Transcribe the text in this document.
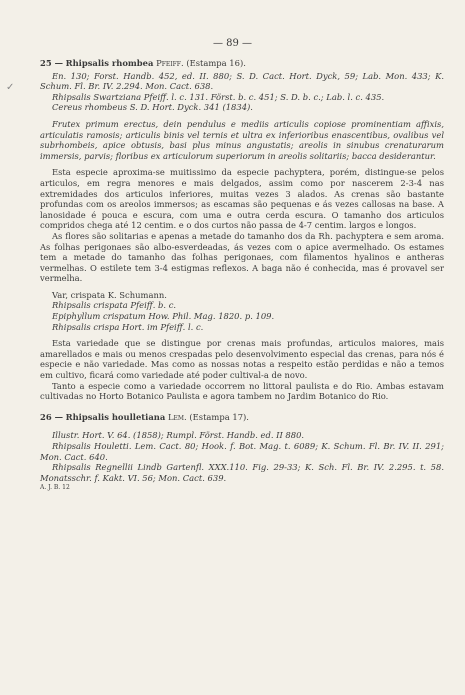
✓
— 89 —

25 — Rhipsalis rhombea Pfeiff. (Estampa 16).

En. 130; Forst. Handb. 452, ed. II. 880; S. D. Cact. Hort. Dyck, 59; Lab. Mon. 433; K. Schum. Fl. Br. IV. 2.294. Mon. Cact. 638.

Rhipsalis Swartziana Pfeiff. l. c. 131. Först. b. c. 451; S. D. b. c.; Lab. l. c. 435.

Cereus rhombeus S. D. Hort. Dyck. 341 (1834).

Frutex primum erectus, dein pendulus e mediis articulis copiose prominentiam affixis, articulatis ramosis; articulis binis vel ternis et ultra ex inferioribus enascentibus, ovalibus vel subrhombeis, apice obtusis, basi plus minus angustatis; areolis in sinubus crenaturarum immersis, parvis; floribus ex articulorum superiorum in areolis solitariis; bacca desiderantur.

Esta especie aproxima-se muitissimo da especie pachyptera, porém, distingue-se pelos articulos, em regra menores e mais delgados, assim como por nascerem 2-3-4 nas extremidades dos articulos inferiores, muitas vezes 3 alados. As crenas são bastante profundas com os areolos immersos; as escamas são pequenas e ás vezes callosas na base. A lanosidade é pouca e escura, com uma e outra cerda escura. O tamanho dos articulos compridos chega até 12 centim. e o dos curtos não passa de 4-7 centim. largos e longos.

As flores são solitarias e apenas a metade do tamanho dos da Rh. pachyptera e sem aroma. As folhas perigonaes são albo-esverdeadas, ás vezes com o apice avermelhado. Os estames tem a metade do tamanho das folhas perigonaes, com filamentos hyalinos e antheras vermelhas. O estilete tem 3-4 estigmas reflexos. A baga não é conhecida, mas é provavel ser vermelha.

Var, crispata K. Schumann.

Rhipsalis crispata Pfeiff. b. c.

Epiphyllum crispatum How. Phil. Mag. 1820. p. 109.

Rhipsalis crispa Hort. im Pfeiff. l. c.

Esta variedade que se distingue por crenas mais profundas, articulos maiores, mais amarellados e mais ou menos crespadas pelo desenvolvimento especial das crenas, para nós é especie e não variedade. Mas como as nossas notas a respeito estão perdidas e não a temos em cultivo, ficará como variedade até poder cultival-a de novo.

Tanto a especie como a variedade occorrem no littoral paulista e do Rio. Ambas estavam cultivadas no Horto Botanico Paulista e agora tambem no Jardim Botanico do Rio.

26 — Rhipsalis houlletiana Lem. (Estampa 17).

Illustr. Hort. V. 64. (1858); Rumpl. Först. Handb. ed. II 880.

Rhipsalis Houletti. Lem. Cact. 80; Hook. f. Bot. Mag. t. 6089; K. Schum. Fl. Br. IV. II. 291; Mon. Cact. 640.

Rhipsalis Regnellii Lindb Gartenfl. XXX.110. Fig. 29-33; K. Sch. Fl. Br. IV. 2.295. t. 58. Monatsschr. f. Kakt. VI. 56; Mon. Cact. 639.

A. J. B. 12
